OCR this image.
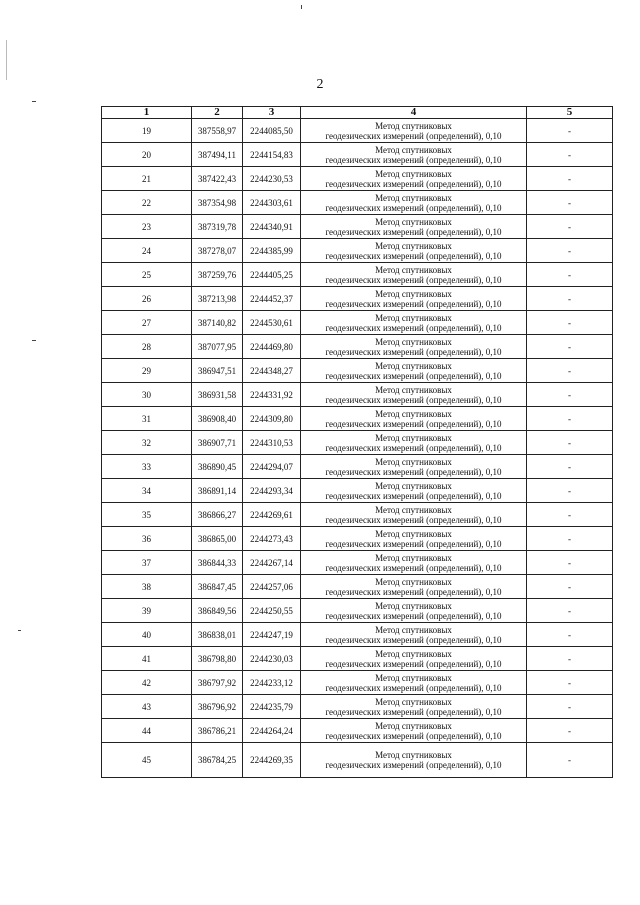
2
1	2	3	4	5
19	387558,97	2244085,50	Метод спутниковых
геодезических измерений (определений), 0,10	-
20	387494,11	2244154,83	Метод спутниковых
геодезических измерений (определений), 0,10	-
21	387422,43	2244230,53	Метод спутниковых
геодезических измерений (определений), 0,10	-
22	387354,98	2244303,61	Метод спутниковых
геодезических измерений (определений), 0,10	-
23	387319,78	2244340,91	Метод спутниковых
геодезических измерений (определений), 0,10	-
24	387278,07	2244385,99	Метод спутниковых
геодезических измерений (определений), 0,10	-
25	387259,76	2244405,25	Метод спутниковых
геодезических измерений (определений), 0,10	-
26	387213,98	2244452,37	Метод спутниковых
геодезических измерений (определений), 0,10	-
27	387140,82	2244530,61	Метод спутниковых
геодезических измерений (определений), 0,10	-
28	387077,95	2244469,80	Метод спутниковых
геодезических измерений (определений), 0,10	-
29	386947,51	2244348,27	Метод спутниковых
геодезических измерений (определений), 0,10	-
30	386931,58	2244331,92	Метод спутниковых
геодезических измерений (определений), 0,10	-
31	386908,40	2244309,80	Метод спутниковых
геодезических измерений (определений), 0,10	-
32	386907,71	2244310,53	Метод спутниковых
геодезических измерений (определений), 0,10	-
33	386890,45	2244294,07	Метод спутниковых
геодезических измерений (определений), 0,10	-
34	386891,14	2244293,34	Метод спутниковых
геодезических измерений (определений), 0,10	-
35	386866,27	2244269,61	Метод спутниковых
геодезических измерений (определений), 0,10	-
36	386865,00	2244273,43	Метод спутниковых
геодезических измерений (определений), 0,10	-
37	386844,33	2244267,14	Метод спутниковых
геодезических измерений (определений), 0,10	-
38	386847,45	2244257,06	Метод спутниковых
геодезических измерений (определений), 0,10	-
39	386849,56	2244250,55	Метод спутниковых
геодезических измерений (определений), 0,10	-
40	386838,01	2244247,19	Метод спутниковых
геодезических измерений (определений), 0,10	-
41	386798,80	2244230,03	Метод спутниковых
геодезических измерений (определений), 0,10	-
42	386797,92	2244233,12	Метод спутниковых
геодезических измерений (определений), 0,10	-
43	386796,92	2244235,79	Метод спутниковых
геодезических измерений (определений), 0,10	-
44	386786,21	2244264,24	Метод спутниковых
геодезических измерений (определений), 0,10	-
45	386784,25	2244269,35	Метод спутниковых
геодезических измерений (определений), 0,10	-
